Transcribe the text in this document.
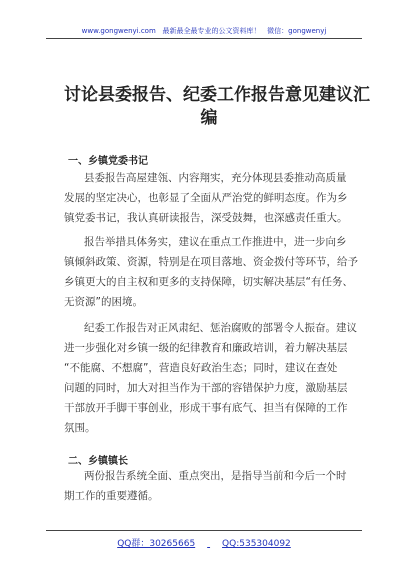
www.gongwenyi.com 最新最全最专业的公文资料库！ 微信：gongwenyj
讨论县委报告、纪委工作报告意见建议汇
编
一、乡镇党委书记
县委报告高屋建瓴、内容翔实，充分体现县委推动高质量
发展的坚定决心，也彰显了全面从严治党的鲜明态度。作为乡
镇党委书记，我认真研读报告，深受鼓舞，也深感责任重大。
报告举措具体务实，建议在重点工作推进中，进一步向乡
镇倾斜政策、资源，特别是在项目落地、资金拨付等环节，给予
乡镇更大的自主权和更多的支持保障，切实解决基层“有任务、
无资源”的困境。
纪委工作报告对正风肃纪、惩治腐败的部署令人振奋。建议
进一步强化对乡镇一级的纪律教育和廉政培训，着力解决基层
“不能腐、不想腐”，营造良好政治生态；同时，建议在查处
问题的同时，加大对担当作为干部的容错保护力度，激励基层
干部放开手脚干事创业，形成干事有底气、担当有保障的工作
氛围。
二、乡镇镇长
两份报告系统全面、重点突出，是指导当前和今后一个时
期工作的重要遵循。
QQ群：30265665	QQ:535304092
